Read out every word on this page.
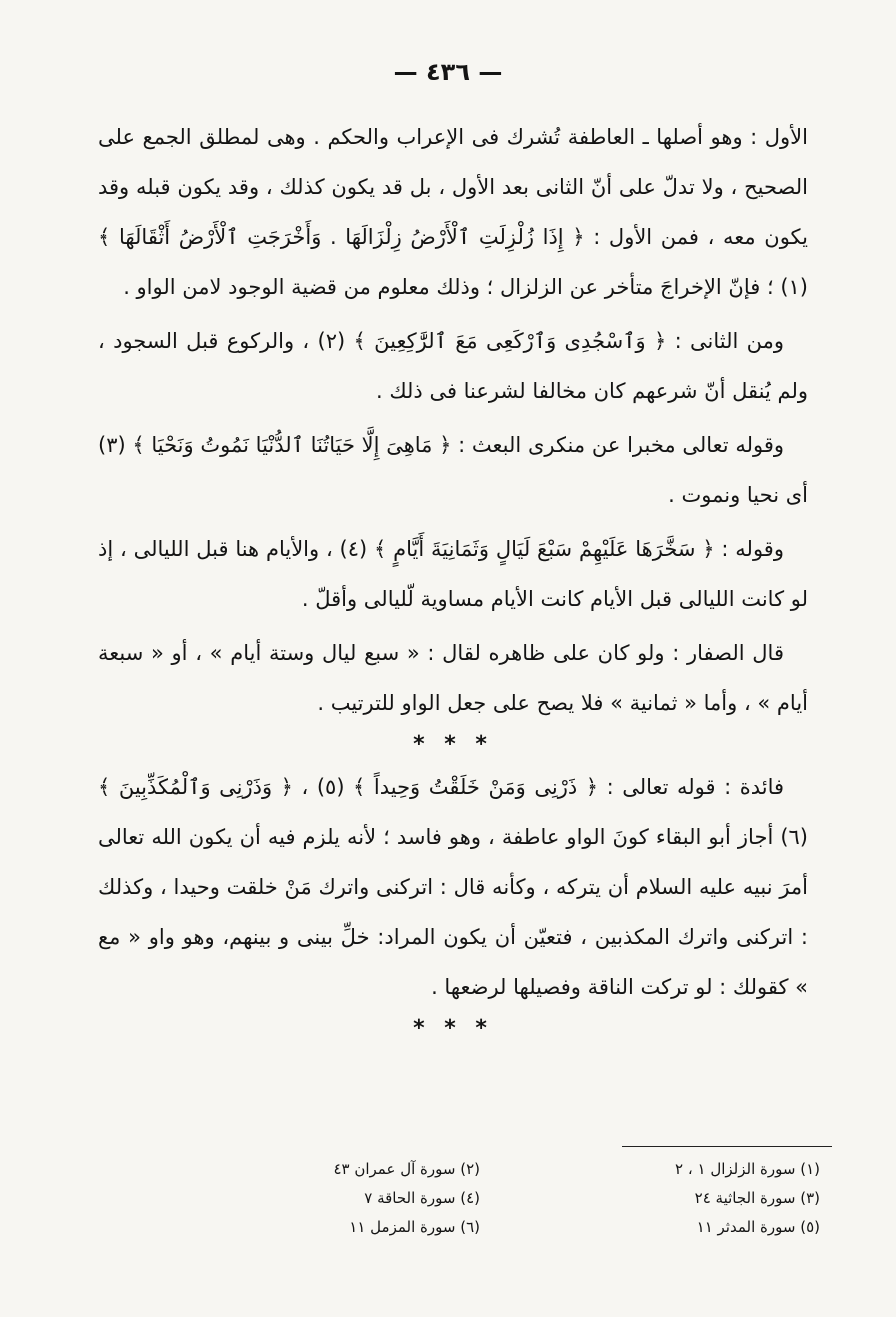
— ٤٣٦ —

الأول : وهو أصلها ـ العاطفة تُشرك فى الإعراب والحكم . وهى لمطلق الجمع على الصحيح ، ولا تدلّ على أنّ الثانى بعد الأول ، بل قد يكون كذلك ، وقد يكون قبله وقد يكون معه ، فمن الأول : ﴿ إِذَا زُلْزِلَتِ ٱلْأَرْضُ زِلْزَالَهَا . وَأَخْرَجَتِ ٱلْأَرْضُ أَثْقَالَهَا ﴾ (١) ؛ فإنّ الإخراجَ متأخر عن الزلزال ؛ وذلك معلوم من قضية الوجود لامن الواو .

ومن الثانى : ﴿ وَٱسْجُدِى وَٱرْكَعِى مَعَ ٱلرَّٰكِعِينَ ﴾ (٢) ، والركوع قبل السجود ، ولم يُنقل أنّ شرعهم كان مخالفا لشرعنا فى ذلك .

وقوله تعالى مخبرا عن منكرى البعث : ﴿ مَاهِىَ إِلَّا حَيَاتُنَا ٱلدُّنْيَا نَمُوتُ وَنَحْيَا ﴾ (٣) أى نحيا ونموت .

وقوله : ﴿ سَخَّرَهَا عَلَيْهِمْ سَبْعَ لَيَالٍ وَثَمَانِيَةَ أَيَّامٍ ﴾ (٤) ، والأيام هنا قبل الليالى ، إذ لو كانت الليالى قبل الأيام كانت الأيام مساوية لّليالى وأقلّ .

قال الصفار : ولو كان على ظاهره لقال : « سبع ليال وستة أيام » ، أو « سبعة أيام » ، وأما « ثمانية » فلا يصح على جعل الواو للترتيب .

* * *

فائدة : قوله تعالى : ﴿ ذَرْنِى وَمَنْ خَلَقْتُ وَحِيداً ﴾ (٥) ، ﴿ وَذَرْنِى وَٱلْمُكَذِّبِينَ ﴾ (٦) أجاز أبو البقاء كونَ الواو عاطفة ، وهو فاسد ؛ لأنه يلزم فيه أن يكون الله تعالى أمرَ نبيه عليه السلام أن يتركه ، وكأنه قال : اتركنى واترك مَنْ خلقت وحيدا ، وكذلك : اتركنى واترك المكذبين ، فتعيّن أن يكون المراد: خلِّ بينى و بينهم، وهو واو « مع » كقولك : لو تركت الناقة وفصيلها لرضعها .

* * *
(١) سورة الزلزال ١ ، ٢
(٣) سورة الجاثية ٢٤
(٥) سورة المدثر ١١
(٢) سورة آل عمران ٤٣
(٤) سورة الحاقة ٧
(٦) سورة المزمل ١١
